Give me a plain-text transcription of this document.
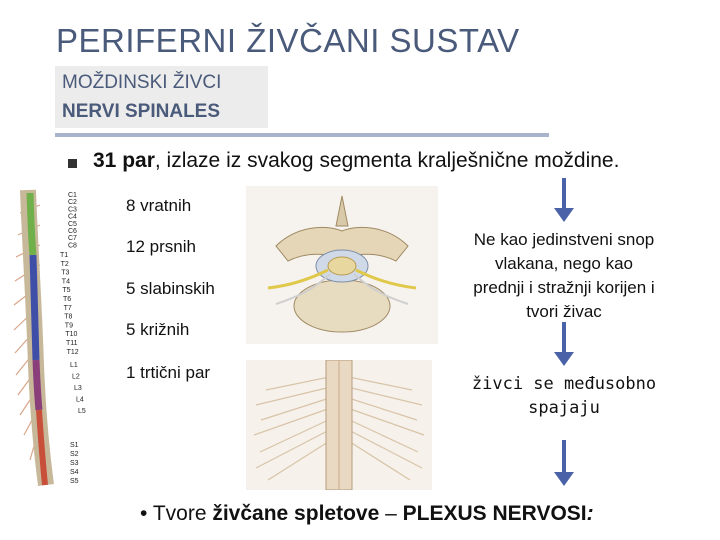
PERIFERNI ŽIVČANI SUSTAV
MOŽDINSKI ŽIVCI
NERVI SPINALES
31 par, izlaze iz svakog segmenta kralješnične moždine.
C1
C2
C3
C4
C5
C6
C7
C8
T1
T2
T3
T4
T5
T6
T7
T8
T9
T10
T11
T12
L1
L2
L3
L4
L5
S1
S2
S3
S4
S5
8 vratnih
12 prsnih
5 slabinskih
5 križnih
1 trtični par
Ne kao jedinstveni snop vlakana, nego kao prednji i stražnji korijen i tvori živac
živci se međusobno spajaju
• Tvore živčane spletove – PLEXUS NERVOSI:
